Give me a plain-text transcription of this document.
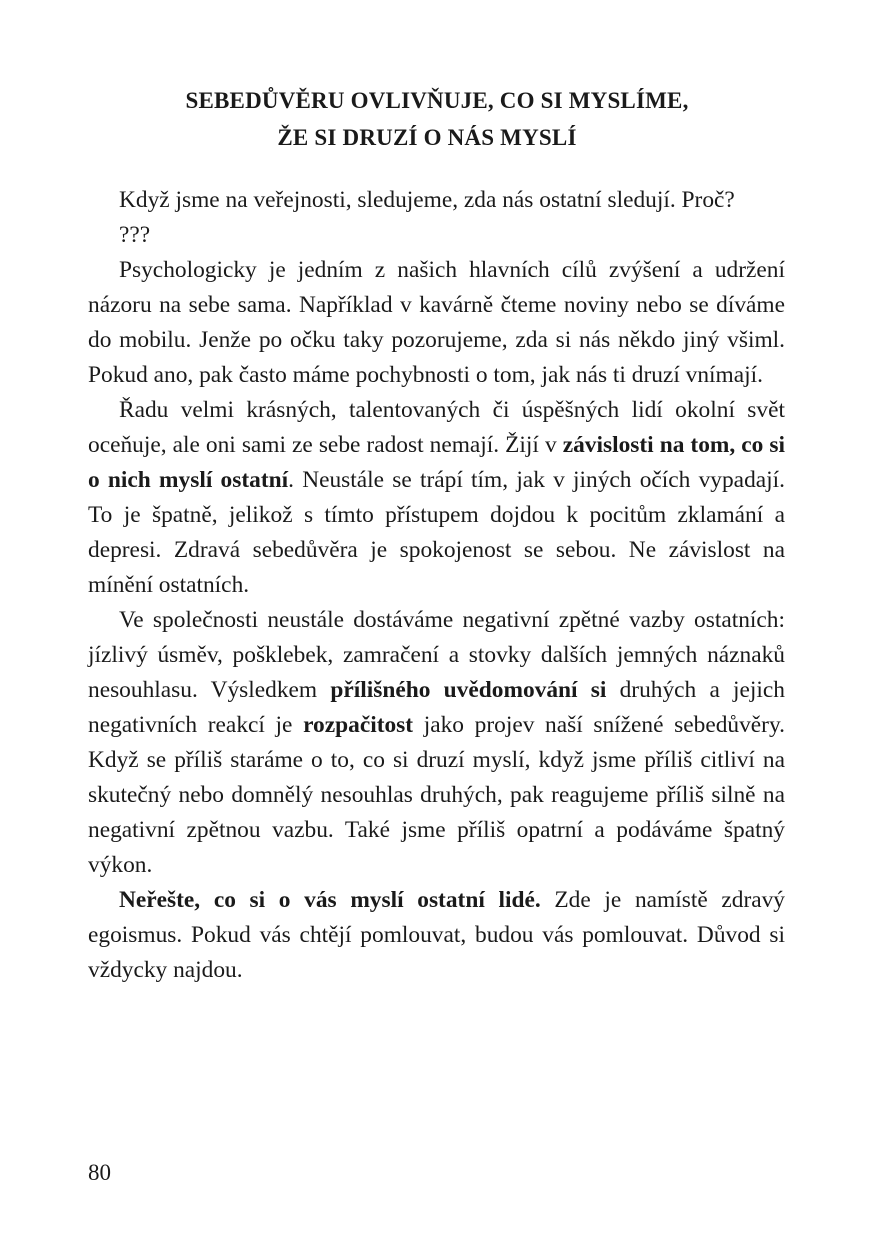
SEBEDŮVĚRU OVLIVŇUJE, CO SI MYSLÍME,
ŽE SI DRUZÍ O NÁS MYSLÍ

Když jsme na veřejnosti, sledujeme, zda nás ostatní sledují. Proč?

???

Psychologicky je jedním z našich hlavních cílů zvýšení a udržení názoru na sebe sama. Například v kavárně čteme noviny nebo se díváme do mobilu. Jenže po očku taky pozorujeme, zda si nás někdo jiný všiml. Pokud ano, pak často máme pochybnosti o tom, jak nás ti druzí vnímají.

Řadu velmi krásných, talentovaných či úspěšných lidí okolní svět oceňuje, ale oni sami ze sebe radost nemají. Žijí v závislosti na tom, co si o nich myslí ostatní. Neustále se trápí tím, jak v jiných očích vypadají. To je špatně, jelikož s tímto přístupem dojdou k pocitům zklamání a depresi. Zdravá sebedůvěra je spokojenost se sebou. Ne závislost na mínění ostatních.

Ve společnosti neustále dostáváme negativní zpětné vazby ostatních: jízlivý úsměv, pošklebek, zamračení a stovky dalších jemných náznaků nesouhlasu. Výsledkem přílišného uvědomování si druhých a jejich negativních reakcí je rozpačitost jako projev naší snížené sebedůvěry. Když se příliš staráme o to, co si druzí myslí, když jsme příliš citliví na skutečný nebo domnělý nesouhlas druhých, pak reagujeme příliš silně na negativní zpětnou vazbu. Také jsme příliš opatrní a podáváme špatný výkon.

Neřešte, co si o vás myslí ostatní lidé. Zde je namístě zdravý egoismus. Pokud vás chtějí pomlouvat, budou vás pomlouvat. Důvod si vždycky najdou.

80
